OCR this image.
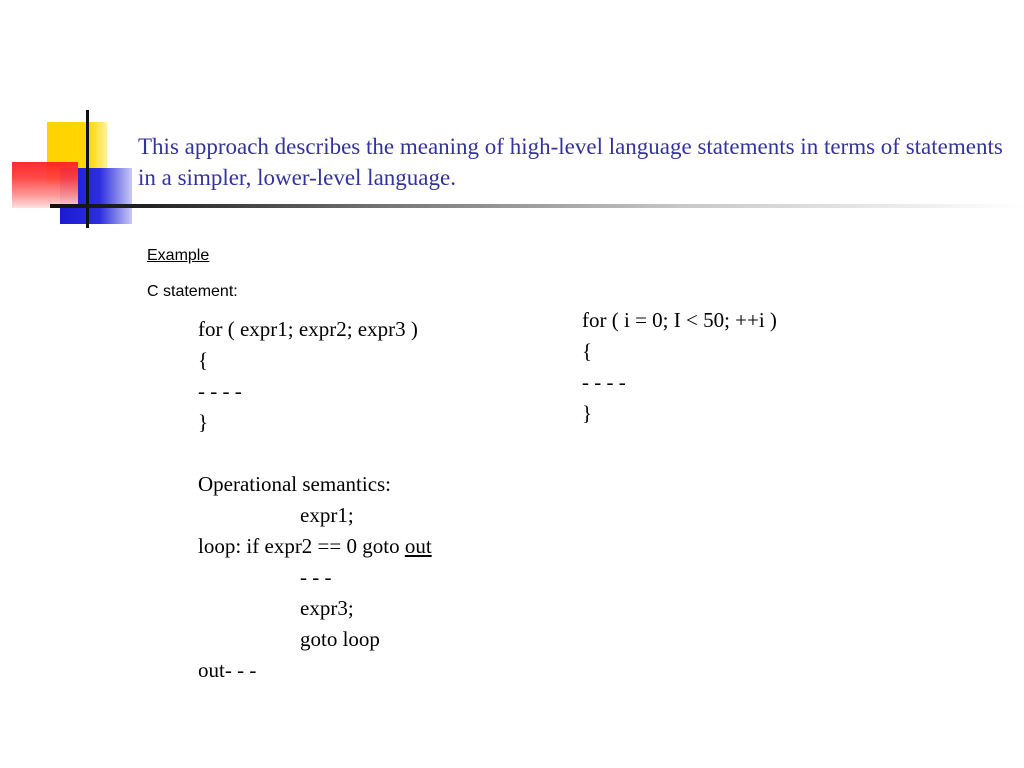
This approach describes the meaning of high-level language statements in terms of statements in a simpler, lower-level language.

Example

C statement:

for ( expr1; expr2; expr3 )
{
- - - -
}
Operational semantics:
expr1;
loop: if expr2 == 0 goto out
- - -
expr3;
goto loop
out- - -
for ( i = 0; I < 50; ++i )
{
- - - -
}
